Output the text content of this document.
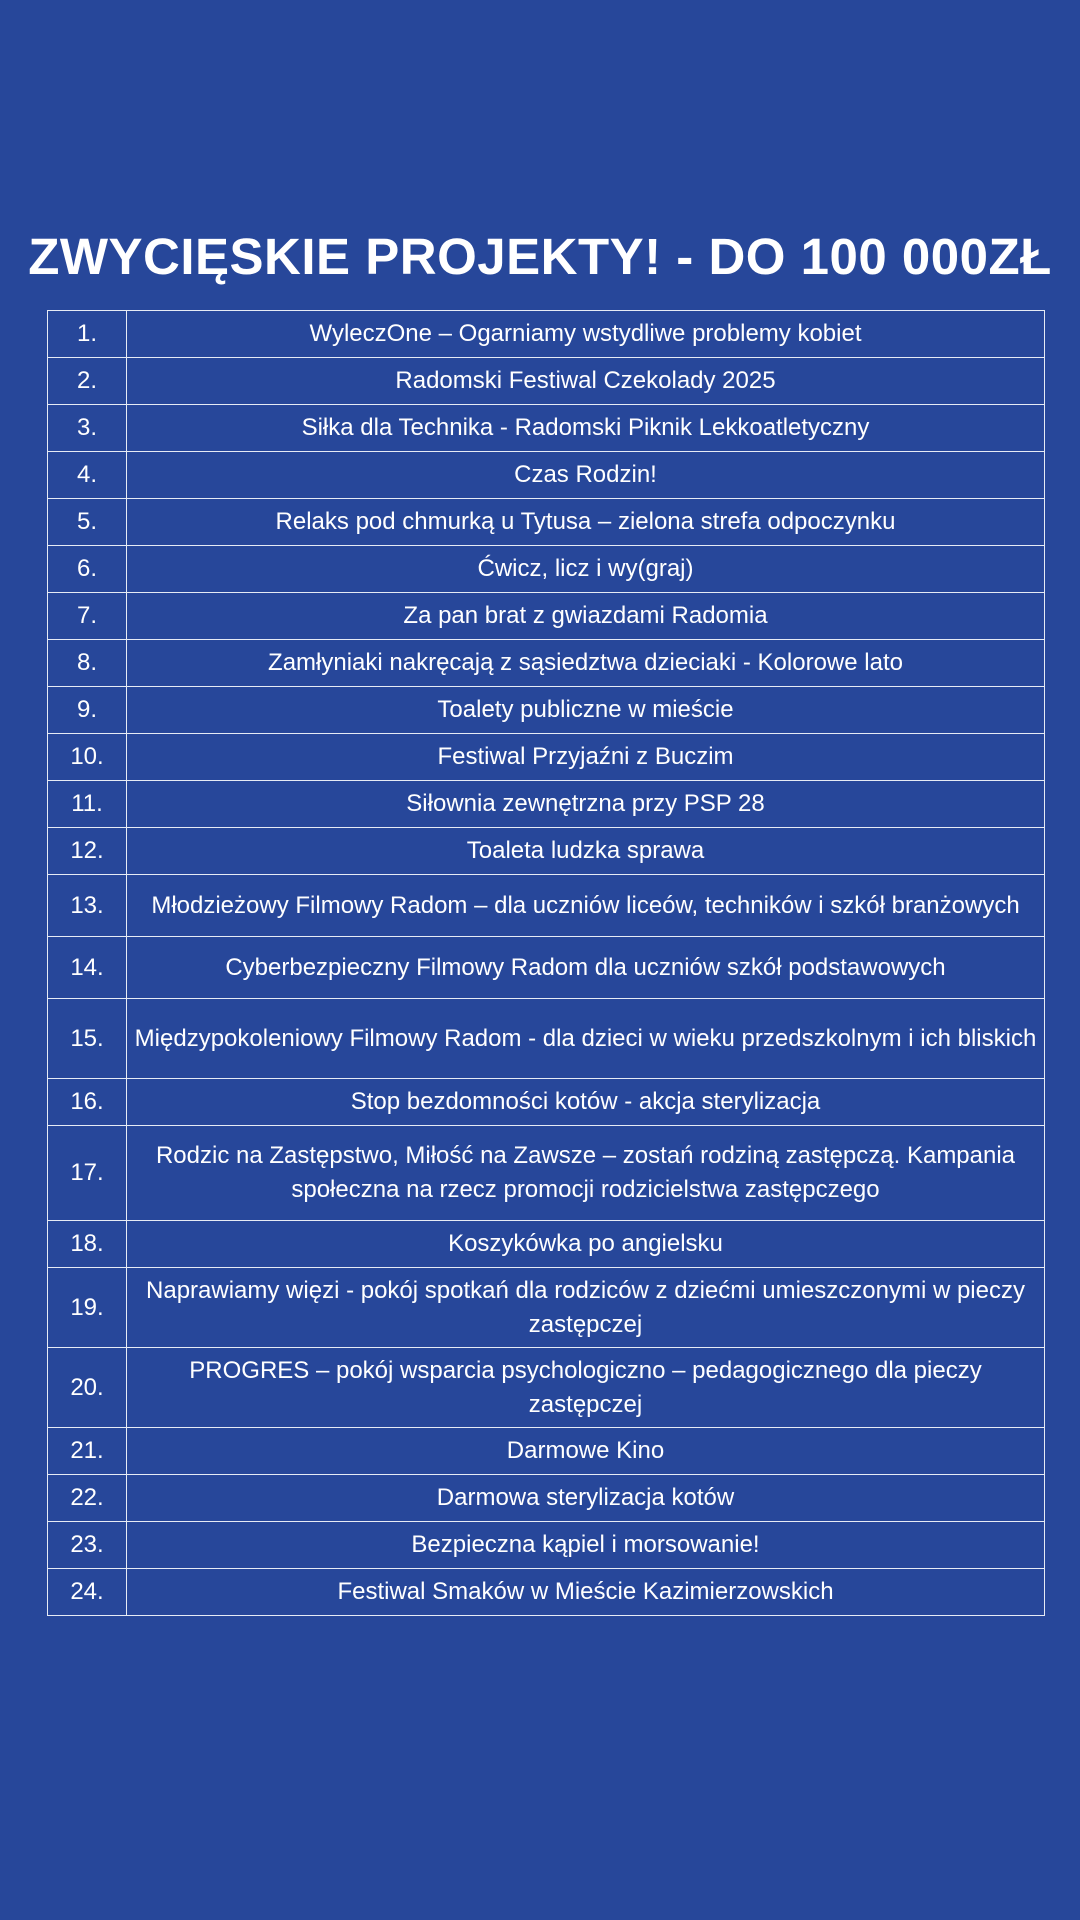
ZWYCIĘSKIE PROJEKTY! - DO 100 000ZŁ
1.	WyleczOne – Ogarniamy wstydliwe problemy kobiet
2.	Radomski Festiwal Czekolady 2025
3.	Siłka dla Technika - Radomski Piknik Lekkoatletyczny
4.	Czas Rodzin!
5.	Relaks pod chmurką u Tytusa – zielona strefa odpoczynku
6.	Ćwicz, licz i wy(graj)
7.	Za pan brat z gwiazdami Radomia
8.	Zamłyniaki nakręcają z sąsiedztwa dzieciaki - Kolorowe lato
9.	Toalety publiczne w mieście
10.	Festiwal Przyjaźni z Buczim
11.	Siłownia zewnętrzna przy PSP 28
12.	Toaleta ludzka sprawa
13.	Młodzieżowy Filmowy Radom – dla uczniów liceów, techników i szkół branżowych
14.	Cyberbezpieczny Filmowy Radom dla uczniów szkół podstawowych
15.	Międzypokoleniowy Filmowy Radom - dla dzieci w wieku przedszkolnym i ich bliskich
16.	Stop bezdomności kotów - akcja sterylizacja
17.	Rodzic na Zastępstwo, Miłość na Zawsze – zostań rodziną zastępczą. Kampania społeczna na rzecz promocji rodzicielstwa zastępczego
18.	Koszykówka po angielsku
19.	Naprawiamy więzi - pokój spotkań dla rodziców z dziećmi umieszczonymi w pieczy zastępczej
20.	PROGRES – pokój wsparcia psychologiczno – pedagogicznego dla pieczy zastępczej
21.	Darmowe Kino
22.	Darmowa sterylizacja kotów
23.	Bezpieczna kąpiel i morsowanie!
24.	Festiwal Smaków w Mieście Kazimierzowskich
